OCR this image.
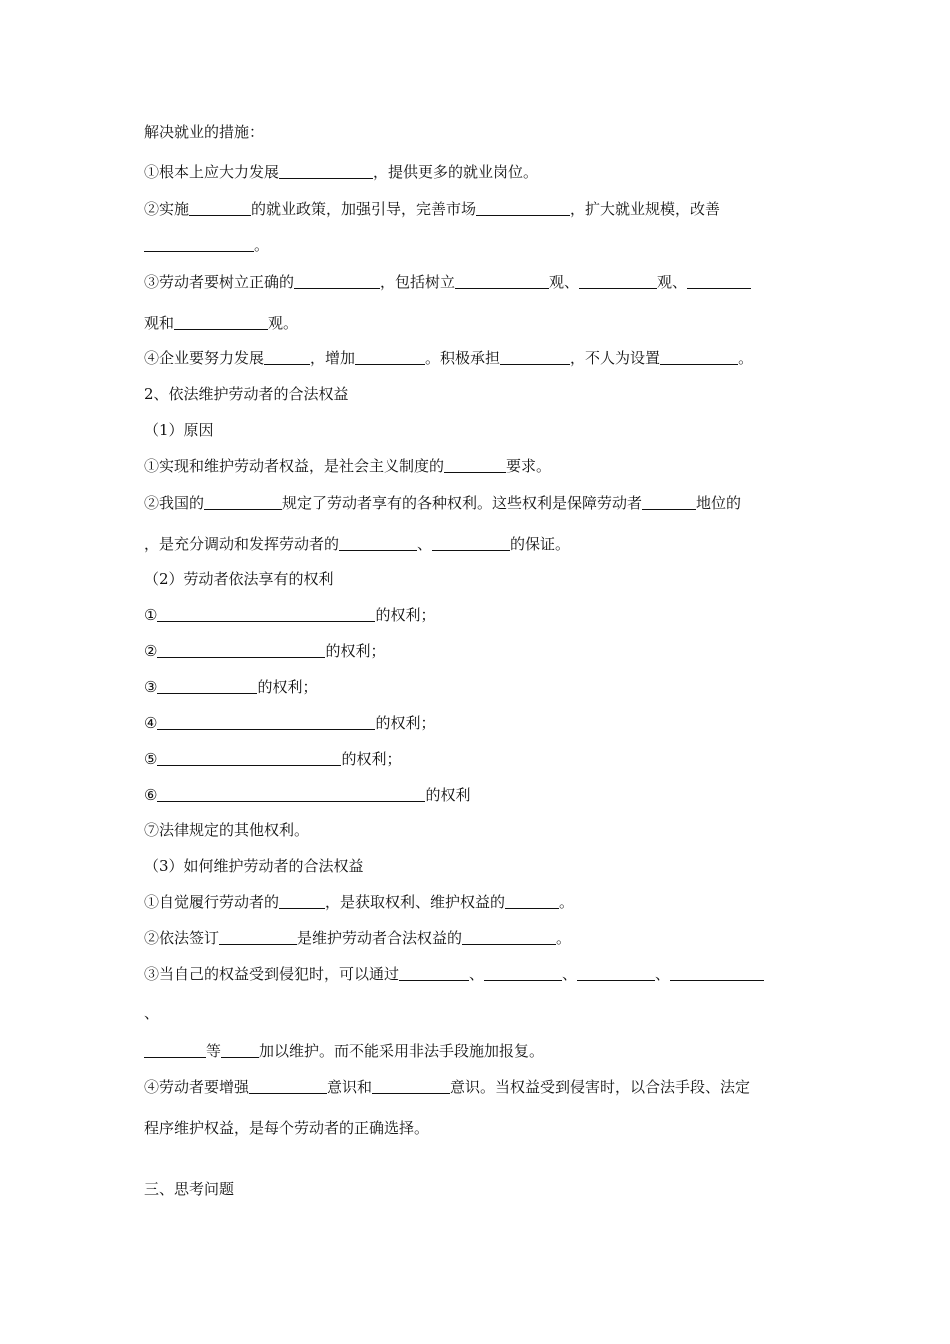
解决就业的措施：
①根本上应大力发展	，提供更多的就业岗位。
②实施	的就业政策，加强引导，完善市场	，扩大就业规模，改善
。
③劳动者要树立正确的	，包括树立	观、	观、
观和	观。
④企业要努力发展	，增加	。积极承担	，不人为设置	。
2、依法维护劳动者的合法权益
（1）原因
①实现和维护劳动者权益，是社会主义制度的	要求。
②我国的	规定了劳动者享有的各种权利。这些权利是保障劳动者	地位的
，是充分调动和发挥劳动者的	、	的保证。
（2）劳动者依法享有的权利
①	的权利；
②	的权利；
③	的权利；
④	的权利；
⑤	的权利；
⑥	的权利
⑦法律规定的其他权利。
（3）如何维护劳动者的合法权益
①自觉履行劳动者的	，是获取权利、维护权益的	。
②依法签订	是维护劳动者合法权益的	。
③当自己的权益受到侵犯时，可以通过	、	、	、
、
等	加以维护。而不能采用非法手段施加报复。
④劳动者要增强	意识和	意识。当权益受到侵害时，以合法手段、法定
程序维护权益，是每个劳动者的正确选择。
三、思考问题
